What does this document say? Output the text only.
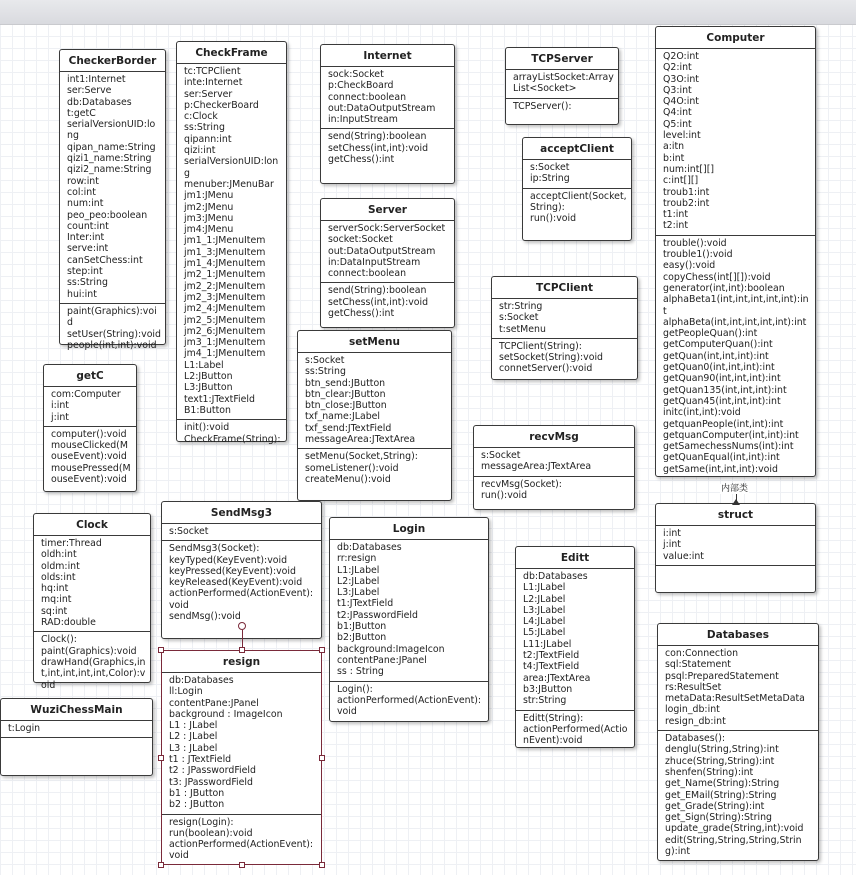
CheckerBorder
int1:Internet
ser:Serve
db:Databases
t:getC
serialVersionUID:long
qipan_name:String
qizi1_name:String
qizi2_name:String
row:int
col:int
num:int
peo_peo:boolean
count:int
Inter:int
serve:int
canSetChess:int
step:int
ss:String
hui:int
paint(Graphics):void
setUser(String):void
people(int,int):void
CheckFrame
tc:TCPClient
inte:Internet
ser:Server
p:CheckerBoard
c:Clock
ss:String
qipann:int
qizi:int
serialVersionUID:long
menuber:JMenuBar
jm1:JMenu
jm2:JMenu
jm3:JMenu
jm4:JMenu
jm1_1:JMenuItem
jm1_3:JMenuItem
jm1_4:JMenuItem
jm2_1:JMenuItem
jm2_2:JMenuItem
jm2_3:JMenuItem
jm2_4:JMenuItem
jm2_5:JMenuItem
jm2_6:JMenuItem
jm3_1:JMenuItem
jm4_1:JMenuItem
L1:Label
L2:JButton
L3:JButton
text1:JTextField
B1:Button
init():void
CheckFrame(String):
Internet
sock:Socket
p:CheckBoard
connect:boolean
out:DataOutputStream
in:InputStream
send(String):boolean
setChess(int,int):void
getChess():int
TCPServer
arrayListSocket:ArrayList<Socket>
TCPServer():
acceptClient
s:Socket
ip:String
acceptClient(Socket,String):
run():void
Computer
Q2O:int
Q2:int
Q3O:int
Q3:int
Q4O:int
Q4:int
Q5:int
level:int
a:itn
b:int
num:int[][]
c:int[][]
troub1:int
troub2:int
t1:int
t2:int
trouble():void
trouble1():void
easy():void
copyChess(int[][]):void
generator(int,int):boolean
alphaBeta1(int,int,int,int,int):int
alphaBeta(int,int,int,int,int):int
getPeopleQuan():int
getComputerQuan():int
getQuan(int,int,int):int
getQuan0(int,int,int):int
getQuan90(int,int,int):int
getQuan135(int,int,int):int
getQuan45(int,int,int):int
initc(int,int):void
getquanPeople(int,int):int
getquanComputer(int,int):int
getSamechessNums(int):int
getQuanEqual(int,int):int
getSame(int,int,int):void
Server
serverSock:ServerSocket
socket:Socket
out:DataOutputStream
in:DataInputStream
connect:boolean
send(String):boolean
setChess(int,int):void
getChess():int
TCPClient
str:String
s:Socket
t:setMenu
TCPClient(String):
setSocket(String):void
connetServer():void
setMenu
s:Socket
ss:String
btn_send:JButton
btn_clear:JButton
btn_close:JButton
txf_name:JLabel
txf_send:JTextField
messageArea:JTextArea
setMenu(Socket,String):
someListener():void
createMenu():void
getC
com:Computer
i:int
j:int
computer():void
mouseClicked(MouseEvent):void
mousePressed(MouseEvent):void
recvMsg
s:Socket
messageArea:JTextArea
recvMsg(Socket):
run():void
struct
i:int
j:int
value:int
Clock
timer:Thread
oldh:int
oldm:int
olds:int
hq:int
mq:int
sq:int
RAD:double
Clock():
paint(Graphics):void
drawHand(Graphics,int,int,int,int,int,Color):void
SendMsg3
s:Socket
SendMsg3(Socket):
keyTyped(KeyEvent):void
keyPressed(KeyEvent):void
keyReleased(KeyEvent):void
actionPerformed(ActionEvent):void
sendMsg():void
Login
db:Databases
rr:resign
L1:JLabel
L2:JLabel
L3:JLabel
t1:JTextField
t2:JPasswordField
b1:JButton
b2:JButton
background:ImageIcon
contentPane:JPanel
ss : String
Login():
actionPerformed(ActionEvent):void
Editt
db:Databases
L1:JLabel
L2:JLabel
L3:JLabel
L4:JLabel
L5:JLabel
L11:JLabel
t2:JTextField
t4:JTextField
area:JTextArea
b3:JButton
str:String
Editt(String):
actionPerformed(ActionEvent):void
Databases
con:Connection
sql:Statement
psql:PreparedStatement
rs:ResultSet
metaData:ResultSetMetaData
login_db:int
resign_db:int
Databases():
denglu(String,String):int
zhuce(String,String):int
shenfen(String):int
get_Name(String):String
get_EMail(String):String
get_Grade(String):int
get_Sign(String):String
update_grade(String,int):void
edit(String,String,String,String):int
resign
db:Databases
ll:Login
contentPane:JPanel
background : ImageIcon
L1 : JLabel
L2 : JLabel
L3 : JLabel
t1 : JTextField
t2 : JPasswordField
t3: JPasswordField
b1 : JButton
b2 : JButton
resign(Login):
run(boolean):void
actionPerformed(ActionEvent):void
WuziChessMain
t:Login
内部类
